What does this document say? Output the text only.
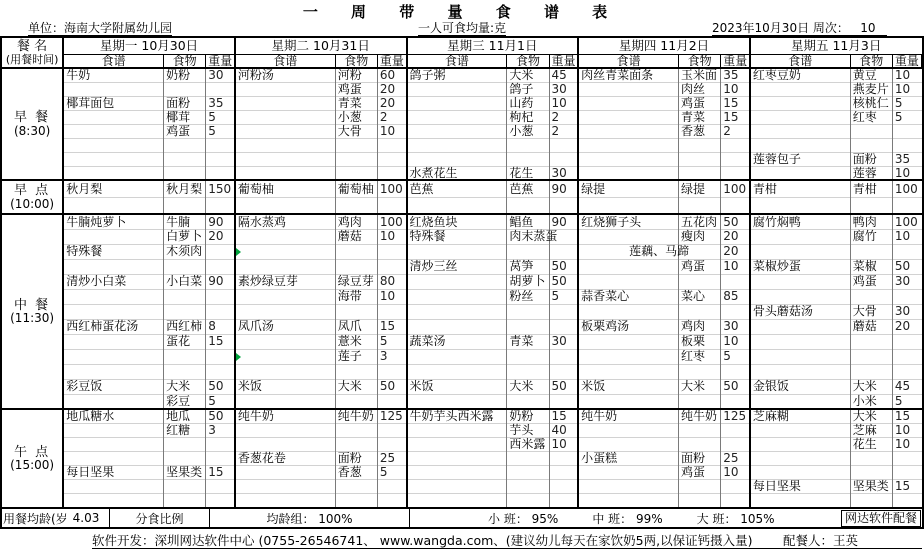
一 周 带 量 食 谱 表
单位：海南大学附属幼儿园	一人可食均量:克	2023年10月30日 周次： 10
餐 名
(用餐时间)	星期一 10月30日			星期二 10月31日			星期三 11月1日			星期四 11月2日			星期五 11月3日		
	食谱	食物	重量	食谱	食物	重量	食谱	食物	重量	食谱	食物	重量	食谱	食物	重量

早 餐
(8:30)	牛奶	奶粉	30	河粉汤	河粉	60	鸽子粥	大米	45	肉丝青菜面条	玉米面	35	红枣豆奶	黄豆	10
					鸡蛋	20		鸽子	30		肉丝	10		燕麦片	10
	椰茸面包	面粉	35		青菜	20		山药	10		鸡蛋	15		核桃仁	5
		椰茸	5		小葱	2		枸杞	2		青菜	15		红枣	5
		鸡蛋	5		大骨	10		小葱	2		香葱	2			

													莲蓉包子	面粉	35
							水煮花生	花生	30					莲蓉	10

早 点
(10:00)	秋月梨	秋月梨	150	葡萄柚	葡萄柚	100	芭蕉	芭蕉	90	绿提	绿提	100	青柑	青柑	100

中 餐
(11:30)	牛腩炖萝卜	牛腩	90	隔水蒸鸡	鸡肉	100	红烧鱼块	鲳鱼	90	红烧狮子头	五花肉	50	腐竹焖鸭	鸭肉	100
		白萝卜	20		蘑菇	10	特殊餐	肉末蒸蛋			瘦肉	20		腐竹	10
	特殊餐	木须肉								莲藕、马蹄		20			
							清炒三丝	莴笋	50		鸡蛋	10	菜椒炒蛋	菜椒	50
	清炒小白菜	小白菜	90	素炒绿豆芽	绿豆芽	80		胡萝卜	50					鸡蛋	30
					海带	10		粉丝	5	蒜香菜心	菜心	85			
													骨头蘑菇汤	大骨	30
	西红柿蛋花汤	西红柿	8	凤爪汤	凤爪	15				板栗鸡汤	鸡肉	30		蘑菇	20
		蛋花	15		薏米	5	蔬菜汤	青菜	30		板栗	10			

		莲子	3					红枣	5			

	彩豆饭	大米	50	米饭	大米	50	米饭	大米	50	米饭	大米	50	金银饭	大米	45
		彩豆	5											小米	5

午 点
(15:00)	地瓜糖水	地瓜	50	纯牛奶	纯牛奶	125	牛奶芋头西米露	奶粉	15	纯牛奶	纯牛奶	125	芝麻糊	大米	15
		红糖	3					芋头	40					芝麻	10
								西米露	10					花生	10
				香葱花卷	面粉	25				小蛋糕	面粉	25			
	每日坚果	坚果类	15		香葱	5					鸡蛋	10			
													每日坚果	坚果类	15

用餐均龄(岁 4.03	分食比例	均龄组： 100%	小 班： 95%	中 班： 99%	大 班： 105%	网达软件配餐
软件开发：深圳网达软件中心 (0755-26546741、 www.wangda.com、(建议幼儿每天在家饮奶5两,以保证钙摄入量) 配餐人：王英
